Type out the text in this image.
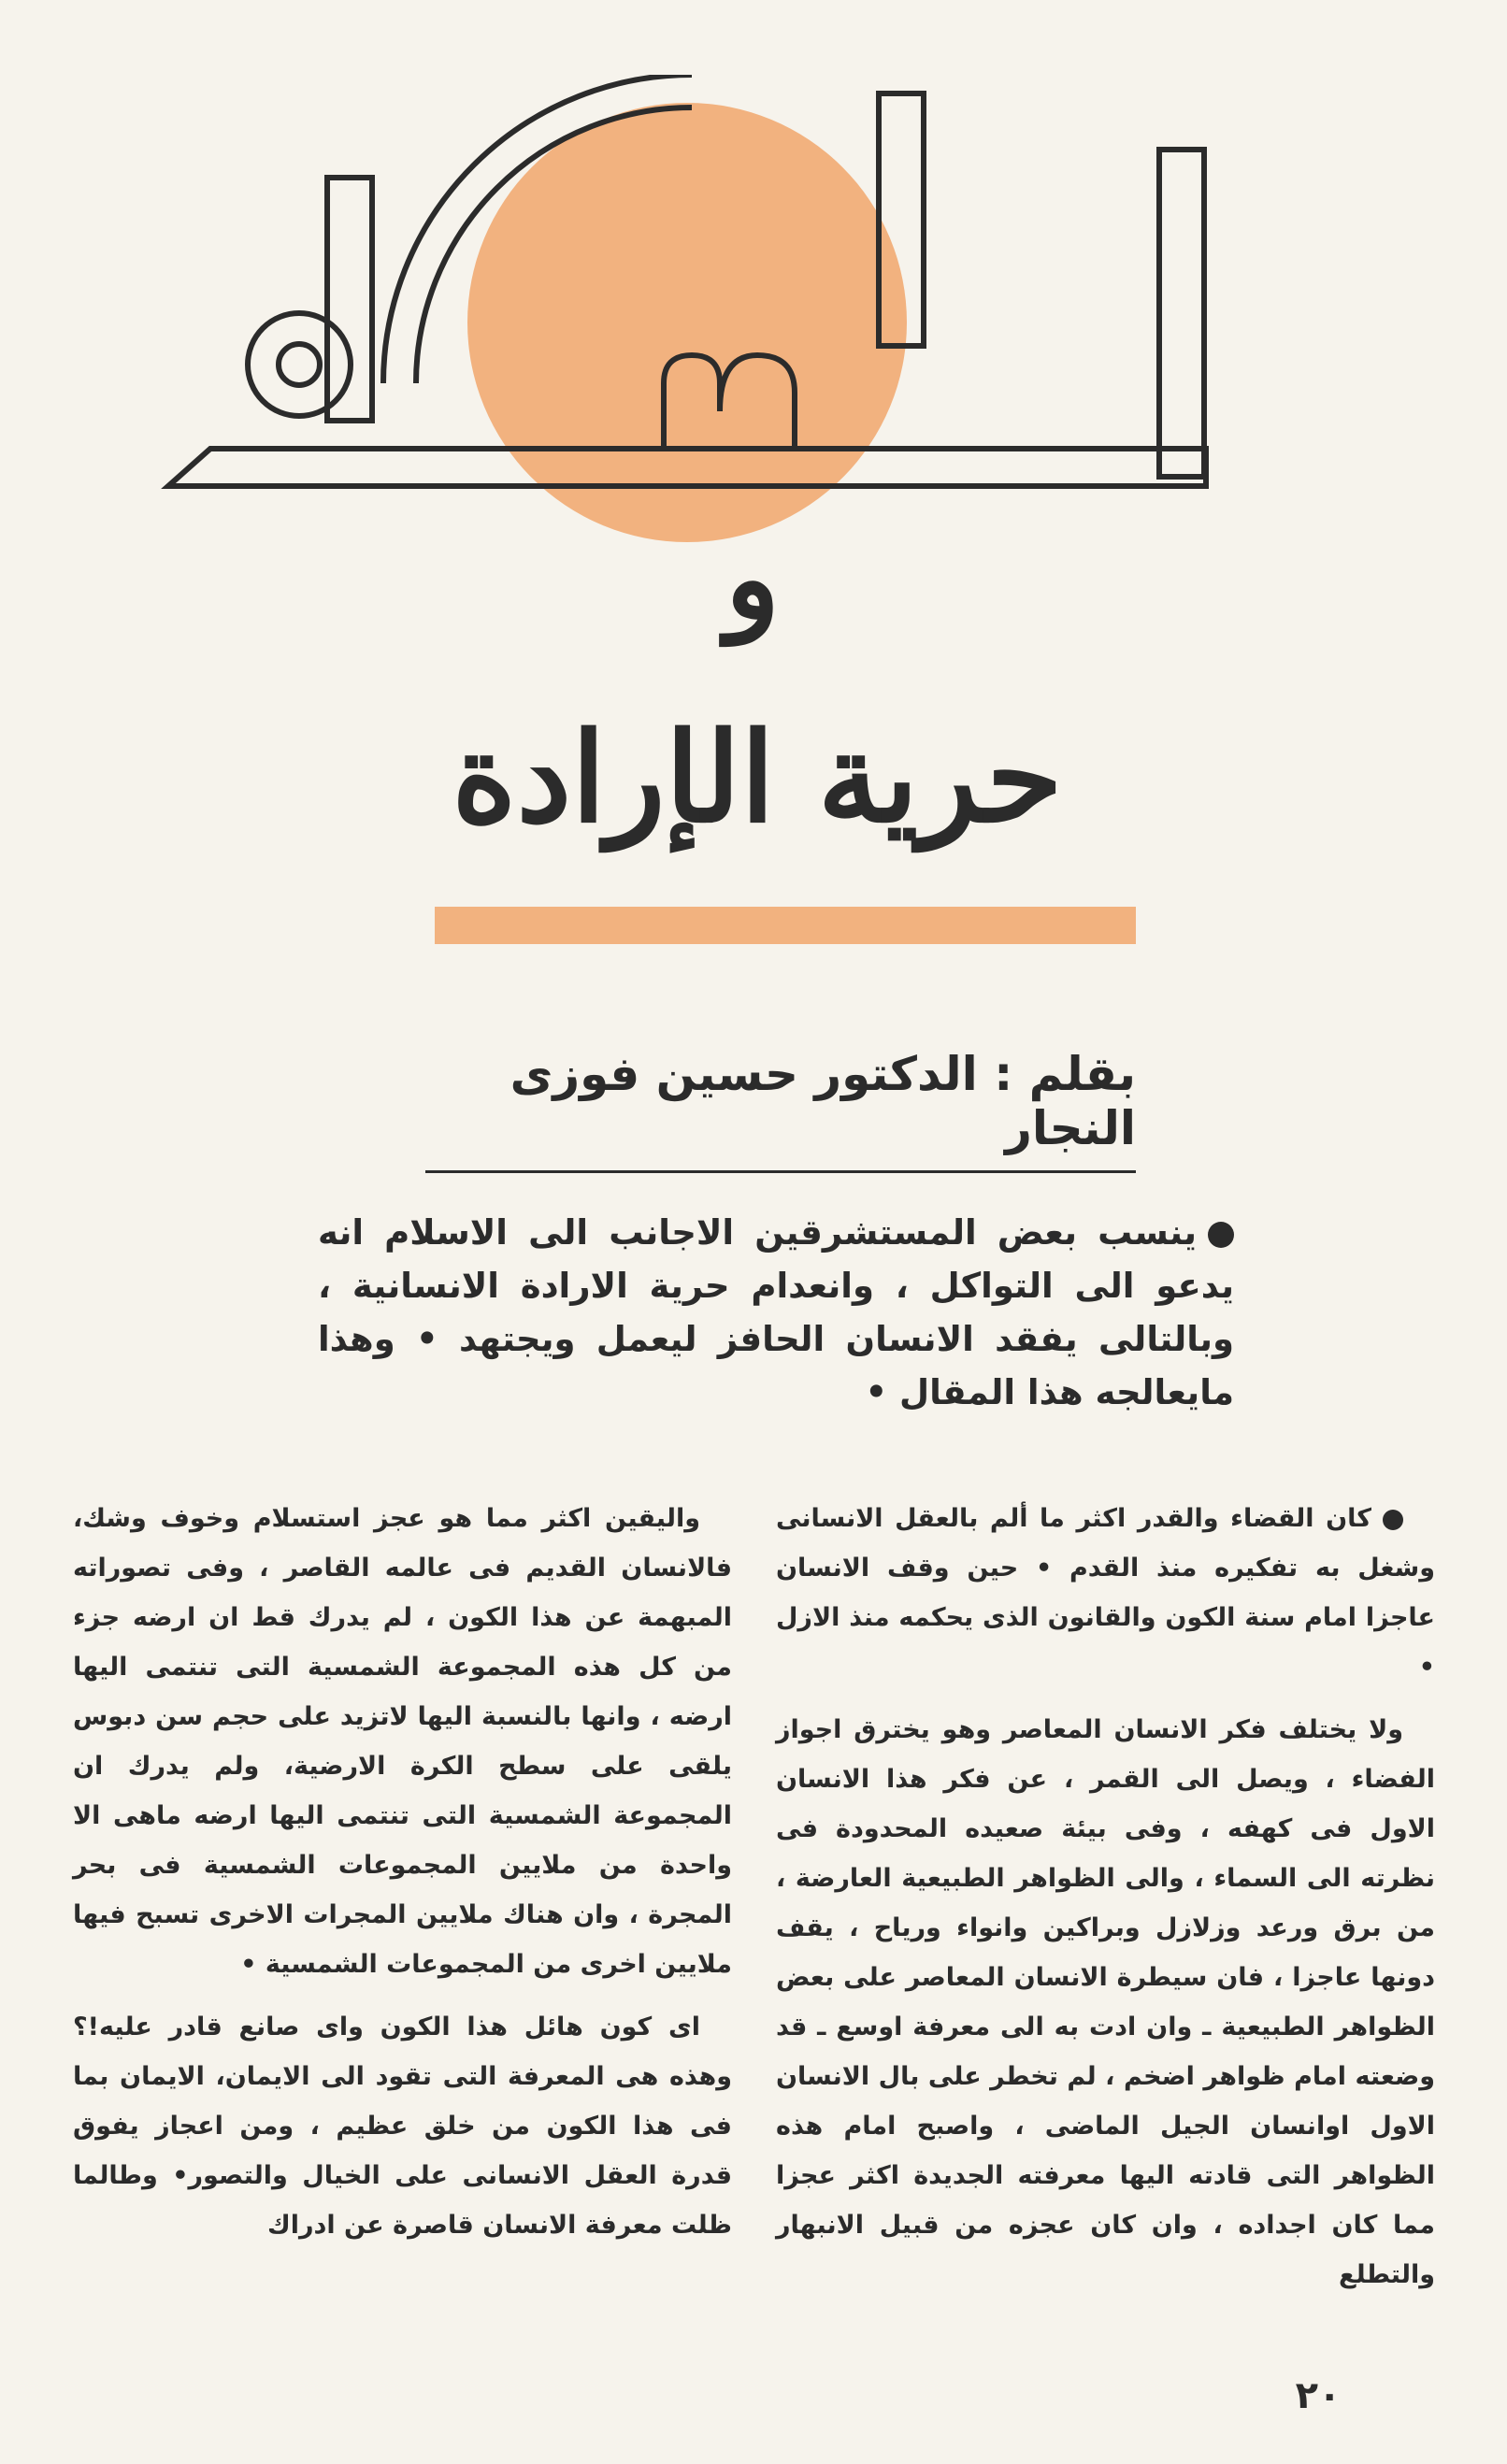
و
حرية الإرادة
بقلم : الدكتور حسين فوزى النجار
ينسب بعض المستشرقين الاجانب الى الاسلام انه يدعو الى التواكل ، وانعدام حرية الارادة الانسانية ، وبالتالى يفقد الانسان الحافز ليعمل ويجتهد • وهذا مايعالجه هذا المقال •

كان القضاء والقدر اكثر ما ألم بالعقل الانسانى وشغل به تفكيره منذ القدم • حين وقف الانسان عاجزا امام سنة الكون والقانون الذى يحكمه منذ الازل •

ولا يختلف فكر الانسان المعاصر وهو يخترق اجواز الفضاء ، ويصل الى القمر ، عن فكر هذا الانسان الاول فى كهفه ، وفى بيئة صعيده المحدودة فى نظرته الى السماء ، والى الظواهر الطبيعية العارضة ، من برق ورعد وزلازل وبراكين وانواء ورياح ، يقف دونها عاجزا ، فان سيطرة الانسان المعاصر على بعض الظواهر الطبيعية ـ وان ادت به الى معرفة اوسع ـ قد وضعته امام ظواهر اضخم ، لم تخطر على بال الانسان الاول اوانسان الجيل الماضى ، واصبح امام هذه الظواهر التى قادته اليها معرفته الجديدة اكثر عجزا مما كان اجداده ، وان كان عجزه من قبيل الانبهار والتطلع

واليقين اكثر مما هو عجز استسلام وخوف وشك، فالانسان القديم فى عالمه القاصر ، وفى تصوراته المبهمة عن هذا الكون ، لم يدرك قط ان ارضه جزء من كل هذه المجموعة الشمسية التى تنتمى اليها ارضه ، وانها بالنسبة اليها لاتزيد على حجم سن دبوس يلقى على سطح الكرة الارضية، ولم يدرك ان المجموعة الشمسية التى تنتمى اليها ارضه ماهى الا واحدة من ملايين المجموعات الشمسية فى بحر المجرة ، وان هناك ملايين المجرات الاخرى تسبح فيها ملايين اخرى من المجموعات الشمسية •

اى كون هائل هذا الكون واى صانع قادر عليه!؟ وهذه هى المعرفة التى تقود الى الايمان، الايمان بما فى هذا الكون من خلق عظيم ، ومن اعجاز يفوق قدرة العقل الانسانى على الخيال والتصور• وطالما ظلت معرفة الانسان قاصرة عن ادراك

٢٠
